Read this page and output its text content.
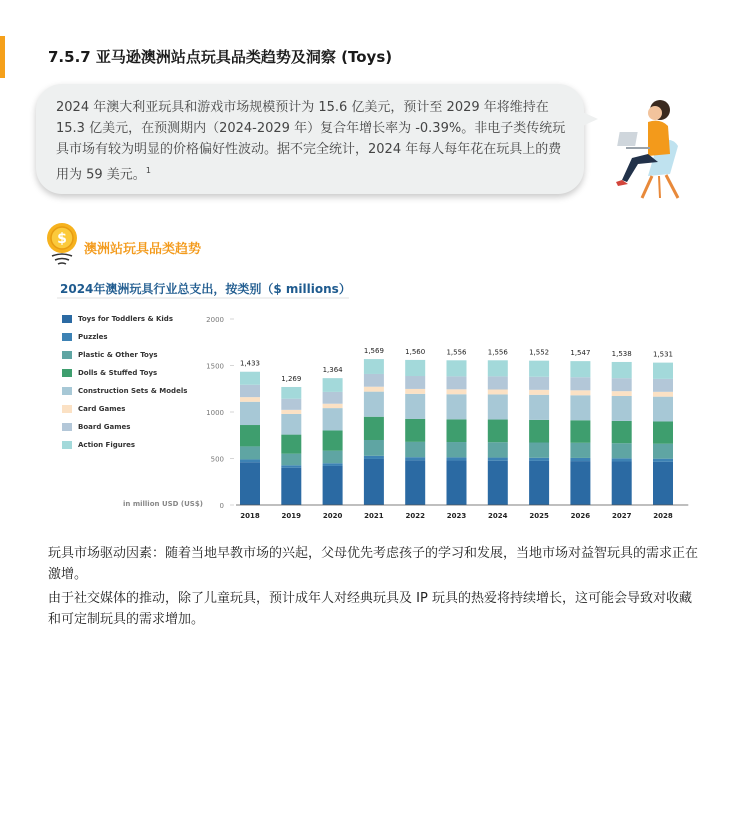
7.5.7 亚马逊澳洲站点玩具品类趋势及洞察 (Toys)
2024 年澳大利亚玩具和游戏市场规模预计为 15.6 亿美元，预计至 2029 年将维持在 15.3 亿美元，在预测期内（2024-2029 年）复合年增长率为 -0.39%。非电子类传统玩具市场有较为明显的价格偏好性波动。据不完全统计，2024 年每人每年花在玩具上的费用为 59 美元。$^1$
$
澳洲站玩具品类趋势
2024年澳洲玩具行业总支出，按类别（$ millions）
Toys for Toddlers & Kids
Puzzles
Plastic & Other Toys
Dolls & Stuffed Toys
Construction Sets & Models
Card Games
Board Games
Action Figures
in million USD (US$) 0
500
1000
1500
2000
1,433
2018
1,269
2019
1,364
2020
1,569
2021
1,560
2022
1,556
2023
1,556
2024
1,552
2025
1,547
2026
1,538
2027
1,531
2028
玩具市场驱动因素：随着当地早教市场的兴起，父母优先考虑孩子的学习和发展，当地市场对益智玩具的需求正在激增。
由于社交媒体的推动，除了儿童玩具，预计成年人对经典玩具及 IP 玩具的热爱将持续增长，这可能会导致对收藏和可定制玩具的需求增加。
